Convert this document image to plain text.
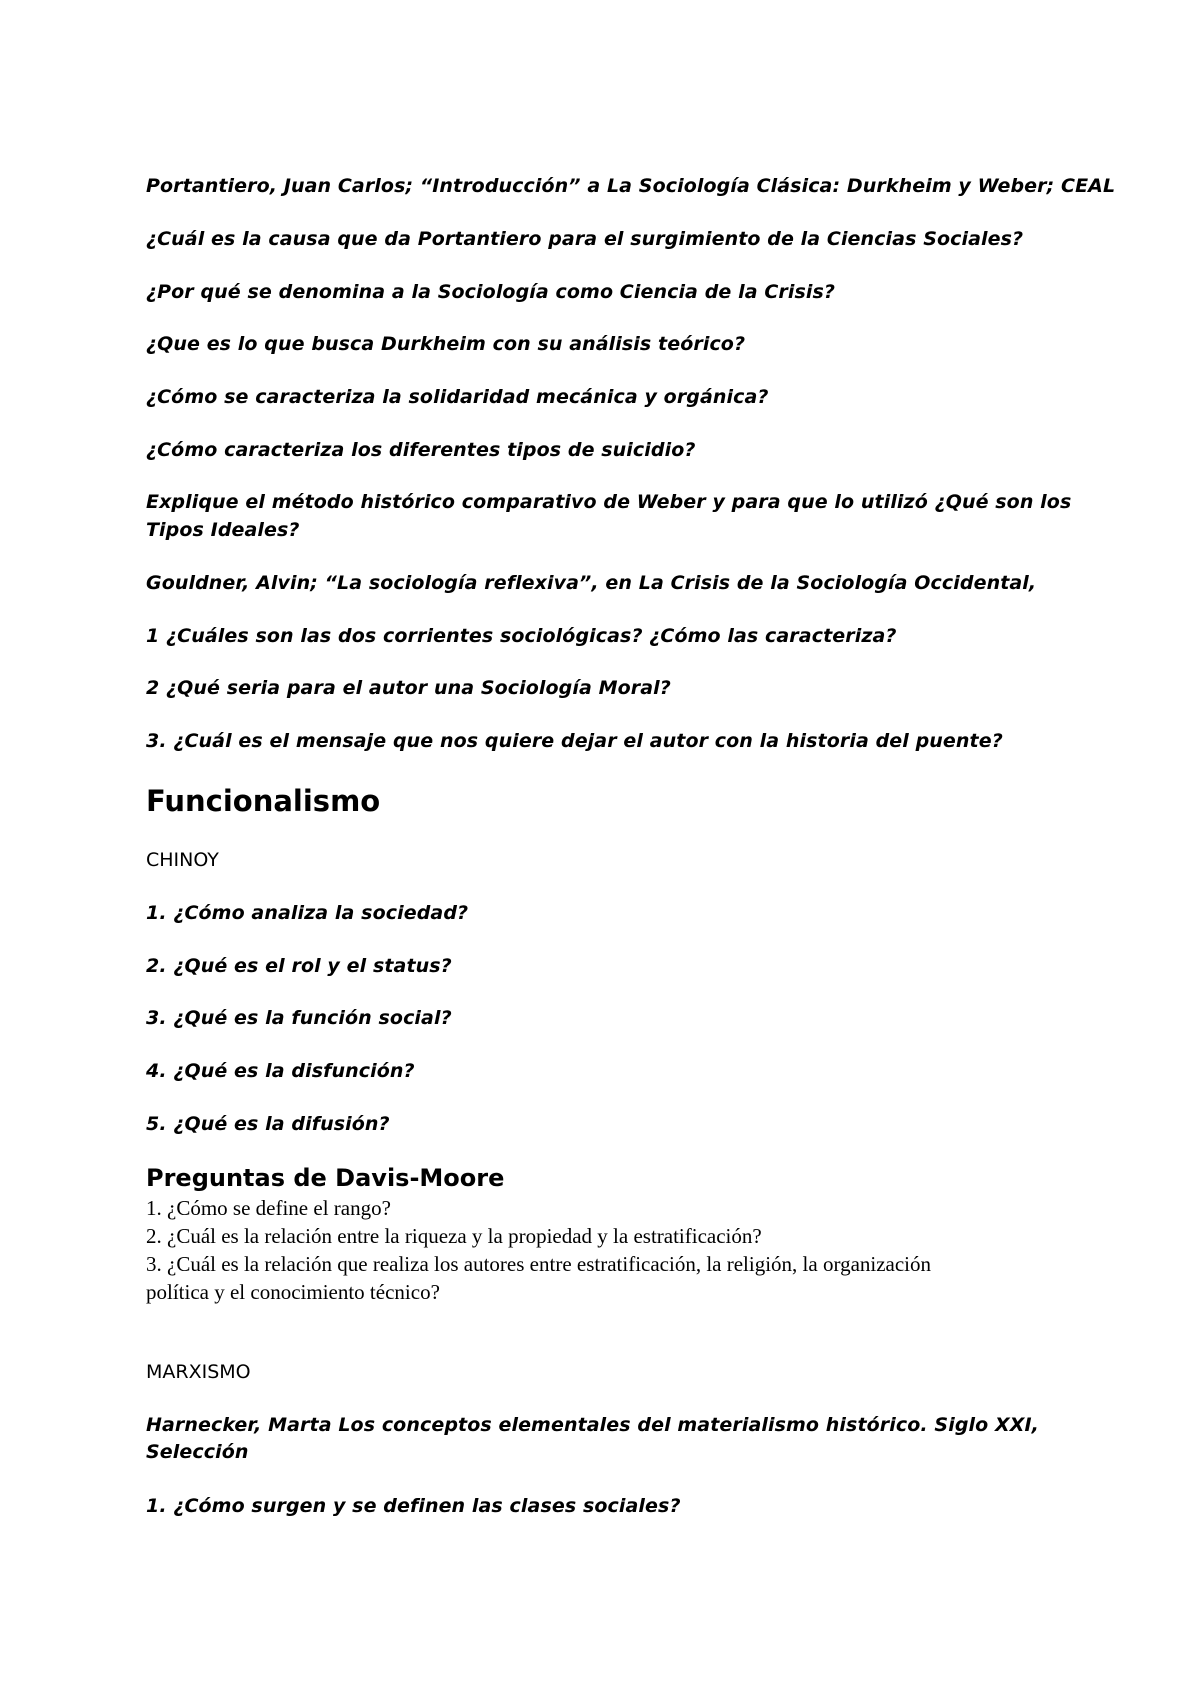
Portantiero, Juan Carlos; “Introducción” a La Sociología Clásica: Durkheim y Weber; CEAL
¿Cuál es la causa que da Portantiero para el surgimiento de la Ciencias Sociales?
¿Por qué se denomina a la Sociología como Ciencia de la Crisis?
¿Que es lo que busca Durkheim con su análisis teórico?
¿Cómo se caracteriza la solidaridad mecánica y orgánica?
¿Cómo caracteriza los diferentes tipos de suicidio?
Explique el método histórico comparativo de Weber y para que lo utilizó ¿Qué son los
Tipos Ideales?
Gouldner, Alvin; “La sociología reflexiva”, en La Crisis de la Sociología Occidental,
1 ¿Cuáles son las dos corrientes sociológicas? ¿Cómo las caracteriza?
2 ¿Qué seria para el autor una Sociología Moral?
3. ¿Cuál es el mensaje que nos quiere dejar el autor con la historia del puente?
Funcionalismo
CHINOY
1. ¿Cómo analiza la sociedad?
2. ¿Qué es el rol y el status?
3. ¿Qué es la función social?
4. ¿Qué es la disfunción?
5. ¿Qué es la difusión?
Preguntas de Davis-Moore
1. ¿Cómo se define el rango?
2. ¿Cuál es la relación entre la riqueza y la propiedad y la estratificación?
3. ¿Cuál es la relación que realiza los autores entre estratificación, la religión, la organización
política y el conocimiento técnico?
MARXISMO
Harnecker, Marta Los conceptos elementales del materialismo histórico. Siglo XXI,
Selección
1. ¿Cómo surgen y se definen las clases sociales?
